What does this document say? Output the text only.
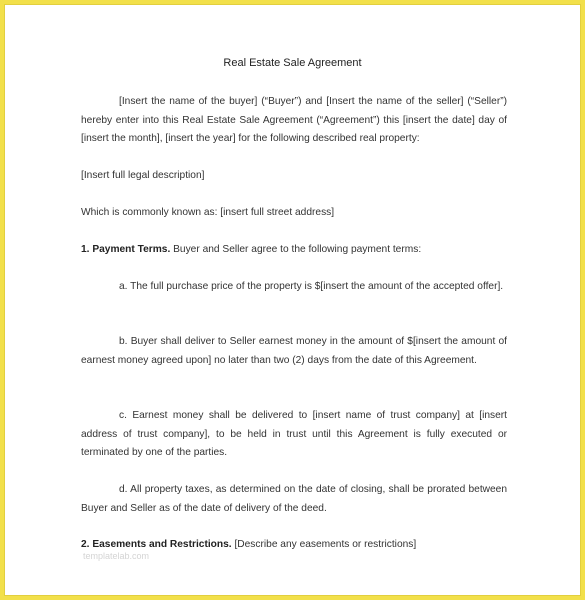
Real Estate Sale Agreement
[Insert the name of the buyer] (“Buyer”) and [Insert the name of the seller] (“Seller”) hereby enter into this Real Estate Sale Agreement (“Agreement”) this [insert the date] day of [insert the month], [insert the year] for the following described real property:
[Insert full legal description]
Which is commonly known as: [insert full street address]
1. Payment Terms. Buyer and Seller agree to the following payment terms:
a. The full purchase price of the property is $[insert the amount of the accepted offer].
b. Buyer shall deliver to Seller earnest money in the amount of $[insert the amount of earnest money agreed upon] no later than two (2) days from the date of this Agreement.
c. Earnest money shall be delivered to [insert name of trust company] at [insert address of trust company], to be held in trust until this Agreement is fully executed or terminated by one of the parties.
d. All property taxes, as determined on the date of closing, shall be prorated between Buyer and Seller as of the date of delivery of the deed.
2. Easements and Restrictions. [Describe any easements or restrictions]
templatelab.com
